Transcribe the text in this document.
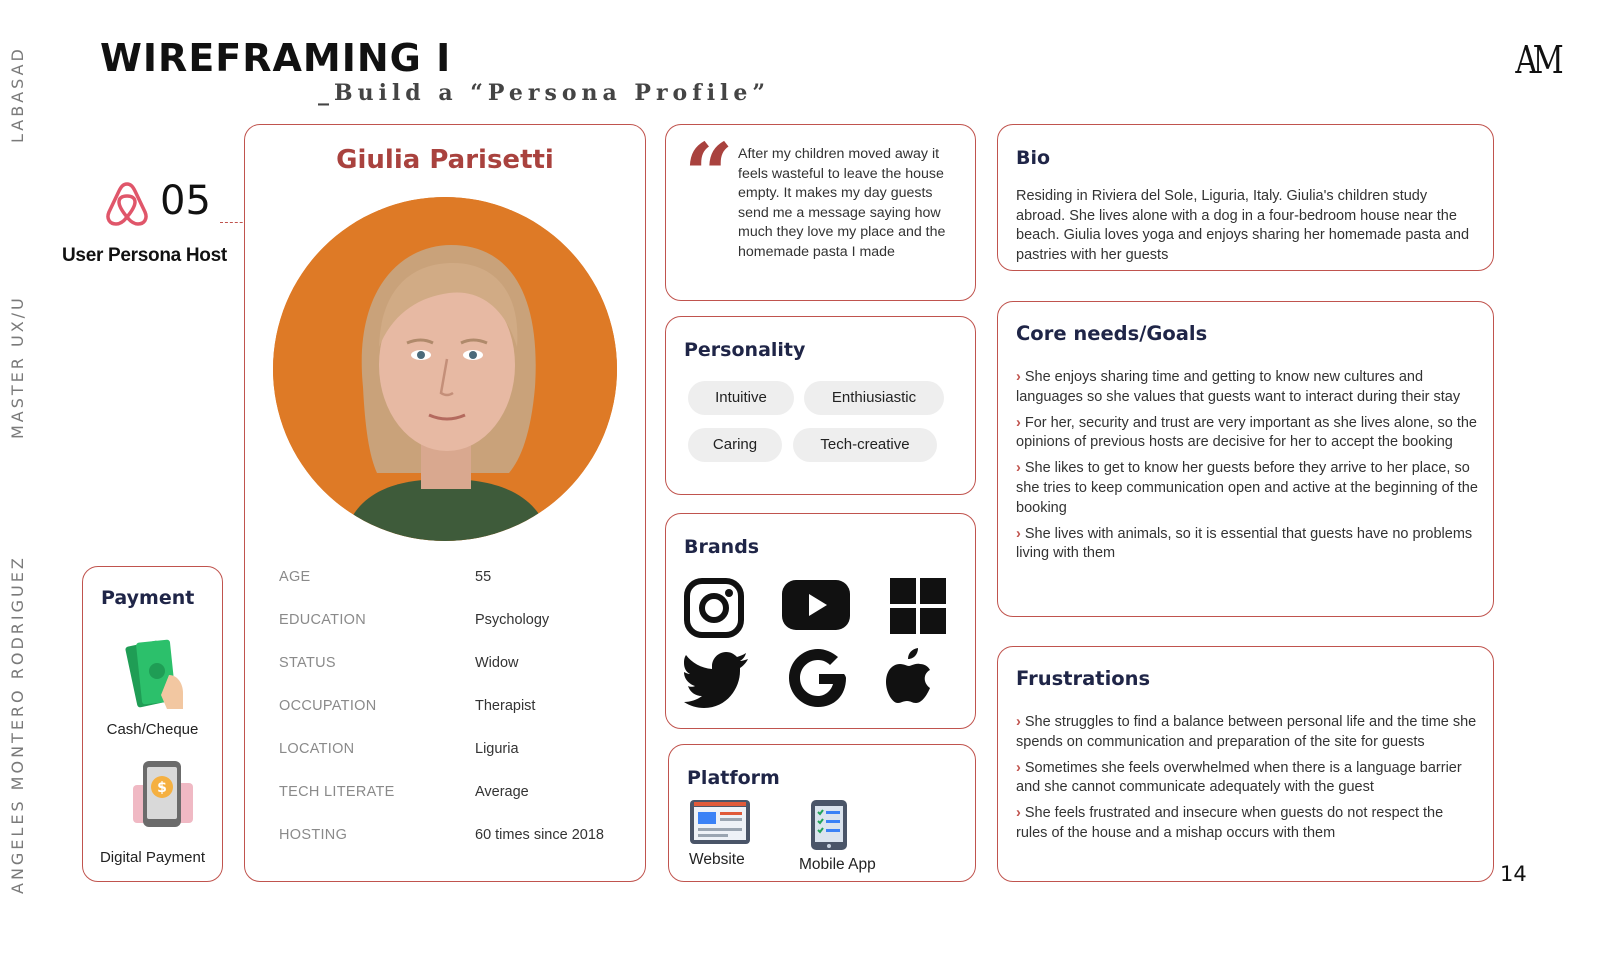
LABASAD
MASTER UX/U
ANGELES MONTERO RODRIGUEZ
WIREFRAMING I
_Build a “Persona Profile”
AM
05
User Persona Host
Payment
Cash/Cheque
$
Digital Payment
Giulia Parisetti
AGE	55
EDUCATION	Psychology
STATUS	Widow
OCCUPATION	Therapist
LOCATION	Liguria
TECH LITERATE	Average
HOSTING	60 times since 2018
“ After my children moved away it feels wasteful to leave the house empty. It makes my day guests send me a message saying how much they love my place and the homemade pasta I made
Personality
Intuitive	Enthiusiastic
Caring	Tech-creative
Brands
Platform
Website	Mobile App
Bio
Residing in Riviera del Sole, Liguria, Italy. Giulia's children study abroad. She lives alone with a dog in a four-bedroom house near the beach. Giulia loves yoga and enjoys sharing her homemade pasta and pastries with her guests
Core needs/Goals
› She enjoys sharing time and getting to know new cultures and languages so she values that guests want to interact during their stay
› For her, security and trust are very important as she lives alone, so the opinions of previous hosts are decisive for her to accept the booking
› She likes to get to know her guests before they arrive to her place, so she tries to keep communication open and active at the beginning of the booking
› She lives with animals, so it is essential that guests have no problems living with them
Frustrations
› She struggles to find a balance between personal life and the time she spends on communication and preparation of the site for guests
› Sometimes she feels overwhelmed when there is a language barrier and she cannot communicate adequately with the guest
› She feels frustrated and insecure when guests do not respect the rules of the house and a mishap occurs with them
14
